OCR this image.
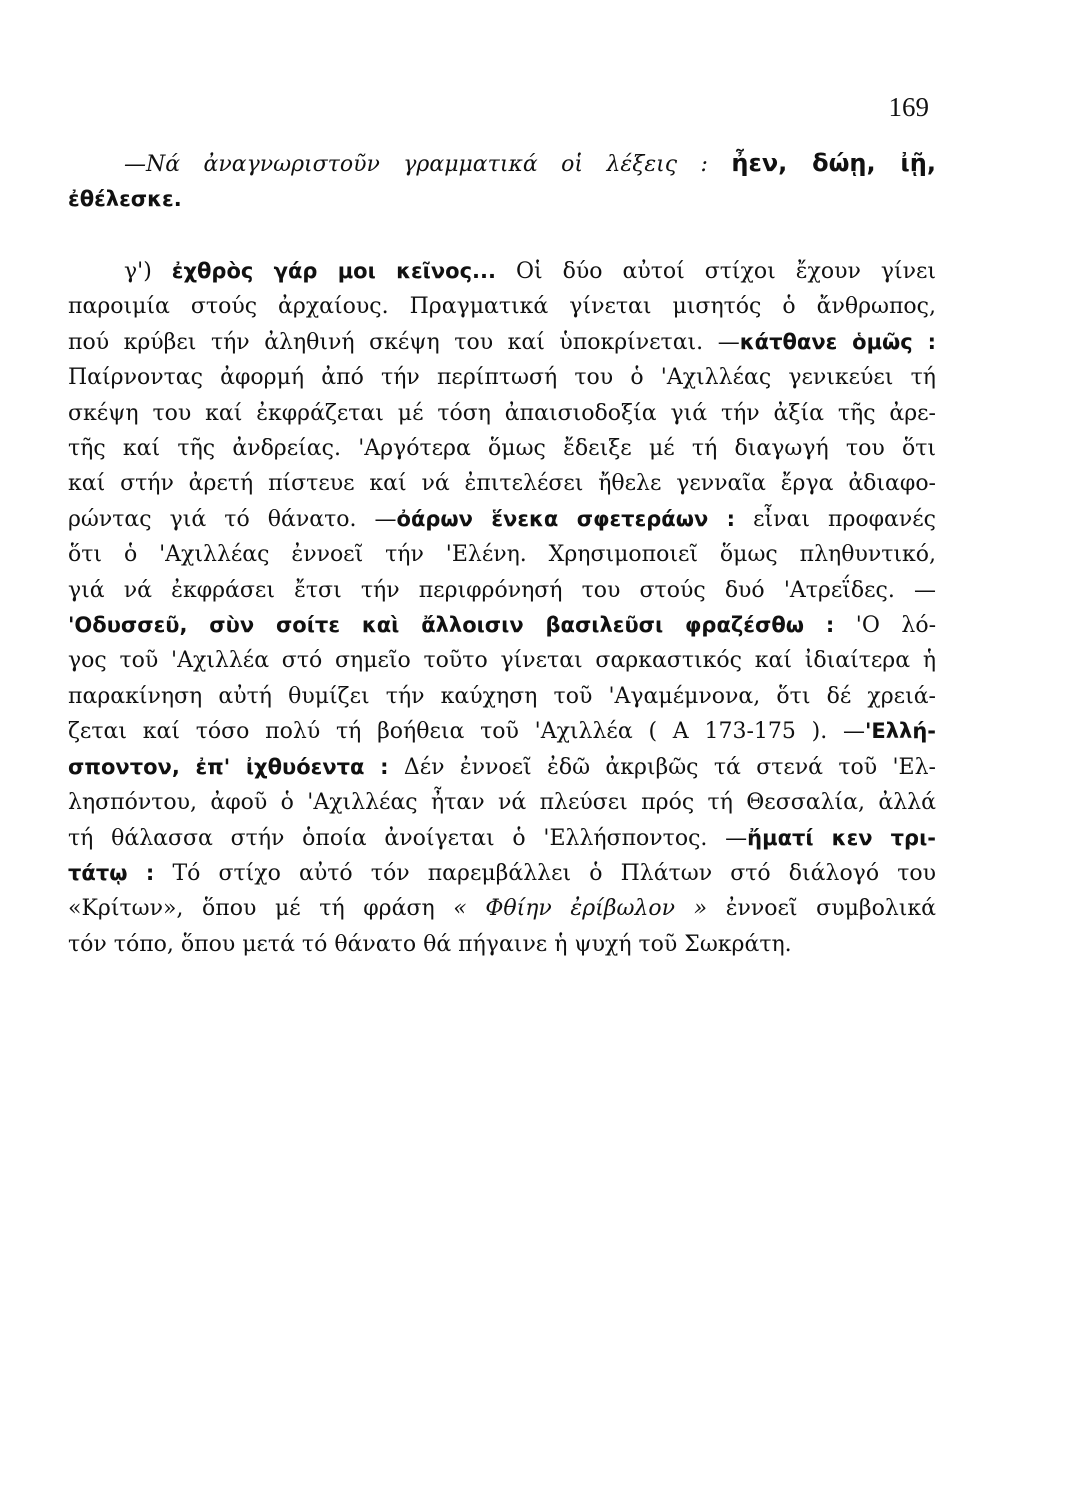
169
—Νά ἀναγνωριστοῦν γραμματικά οἱ λέξεις : ἦεν, δώῃ, ἰῇ,
ἐθέλεσκε.
γ') ἐχθρὸς γάρ μοι κεῖνος... Οἱ δύο αὐτοί στίχοι ἔχουν γίνει
παροιμία στούς ἀρχαίους. Πραγματικά γίνεται μισητός ὁ ἄνθρωπος,
πού κρύβει τήν ἀληθινή σκέψη του καί ὑποκρίνεται. —κάτθανε ὁμῶς :
Παίρνοντας ἀφορμή ἀπό τήν περίπτωσή του ὁ 'Αχιλλέας γενικεύει τή
σκέψη του καί ἐκφράζεται μέ τόση ἀπαισιοδοξία γιά τήν ἀξία τῆς ἀρε-
τῆς καί τῆς ἀνδρείας. 'Αργότερα ὅμως ἔδειξε μέ τή διαγωγή του ὅτι
καί στήν ἀρετή πίστευε καί νά ἐπιτελέσει ἤθελε γενναῖα ἔργα ἀδιαφο-
ρώντας γιά τό θάνατο. —ὀάρων ἕνεκα σφετεράων : εἶναι προφανές
ὅτι ὁ 'Αχιλλέας ἐννοεῖ τήν 'Ελένη. Χρησιμοποιεῖ ὅμως πληθυντικό,
γιά νά ἐκφράσει ἔτσι τήν περιφρόνησή του στούς δυό 'Ατρεΐδες. —
'Οδυσσεῦ, σὺν σοίτε καὶ ἄλλοισιν βασιλεῦσι φραζέσθω : 'Ο λό-
γος τοῦ 'Αχιλλέα στό σημεῖο τοῦτο γίνεται σαρκαστικός καί ἰδιαίτερα ἡ
παρακίνηση αὐτή θυμίζει τήν καύχηση τοῦ 'Αγαμέμνονα, ὅτι δέ χρειά-
ζεται καί τόσο πολύ τή βοήθεια τοῦ 'Αχιλλέα ( Α 173-175 ). —'Ελλή-
σποντον, ἐπ' ἰχθυόεντα : Δέν ἐννοεῖ ἐδῶ ἀκριβῶς τά στενά τοῦ 'Ελ-
λησπόντου, ἀφοῦ ὁ 'Αχιλλέας ἦταν νά πλεύσει πρός τή Θεσσαλία, ἀλλά
τή θάλασσα στήν ὁποία ἀνοίγεται ὁ 'Ελλήσποντος. —ἤματί κεν τρι-
τάτῳ : Τό στίχο αὐτό τόν παρεμβάλλει ὁ Πλάτων στό διάλογό του
«Κρίτων», ὅπου μέ τή φράση « Φθίην ἐρίβωλον » ἐννοεῖ συμβολικά
τόν τόπο, ὅπου μετά τό θάνατο θά πήγαινε ἡ ψυχή τοῦ Σωκράτη.
